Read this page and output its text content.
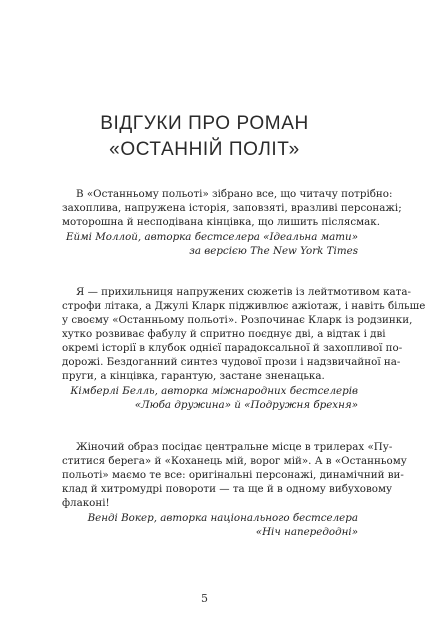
ВІДГУКИ ПРО РОМАН
«ОСТАННІЙ ПОЛІТ»
В «Останньому польоті» зібрано все, що читачу потрібно:
захоплива, напружена історія, заповзяті, вразливі персонажі;
моторошна й несподівана кінцівка, що лишить післясмак.
Еймі Моллой, авторка бестселера «Ідеальна мати»
за версією The New York Times
Я — прихильниця напружених сюжетів із лейтмотивом ката-
строфи літака, а Джулі Кларк підживлює ажіотаж, і навіть більше
у своєму «Останньому польоті». Розпочинає Кларк із родзинки,
хутко розвиває фабулу й спритно поєднує дві, а відтак і дві
окремі історії в клубок однієї парадоксальної й захопливої по-
дорожі. Бездоганний синтез чудової прози і надзвичайної на-
пруги, а кінцівка, гарантую, застане зненацька.
Кімберлі Белль, авторка міжнародних бестселерів
«Люба дружина» й «Подружня брехня»
Жіночий образ посідає центральне місце в трилерах «Пу-
ститися берега» й «Коханець мій, ворог мій». А в «Останньому
польоті» маємо те все: оригінальні персонажі, динамічний ви-
клад й хитромудрі повороти — та ще й в одному вибуховому
флаконі!
Венді Вокер, авторка національного бестселера
«Ніч напередодні»
5
